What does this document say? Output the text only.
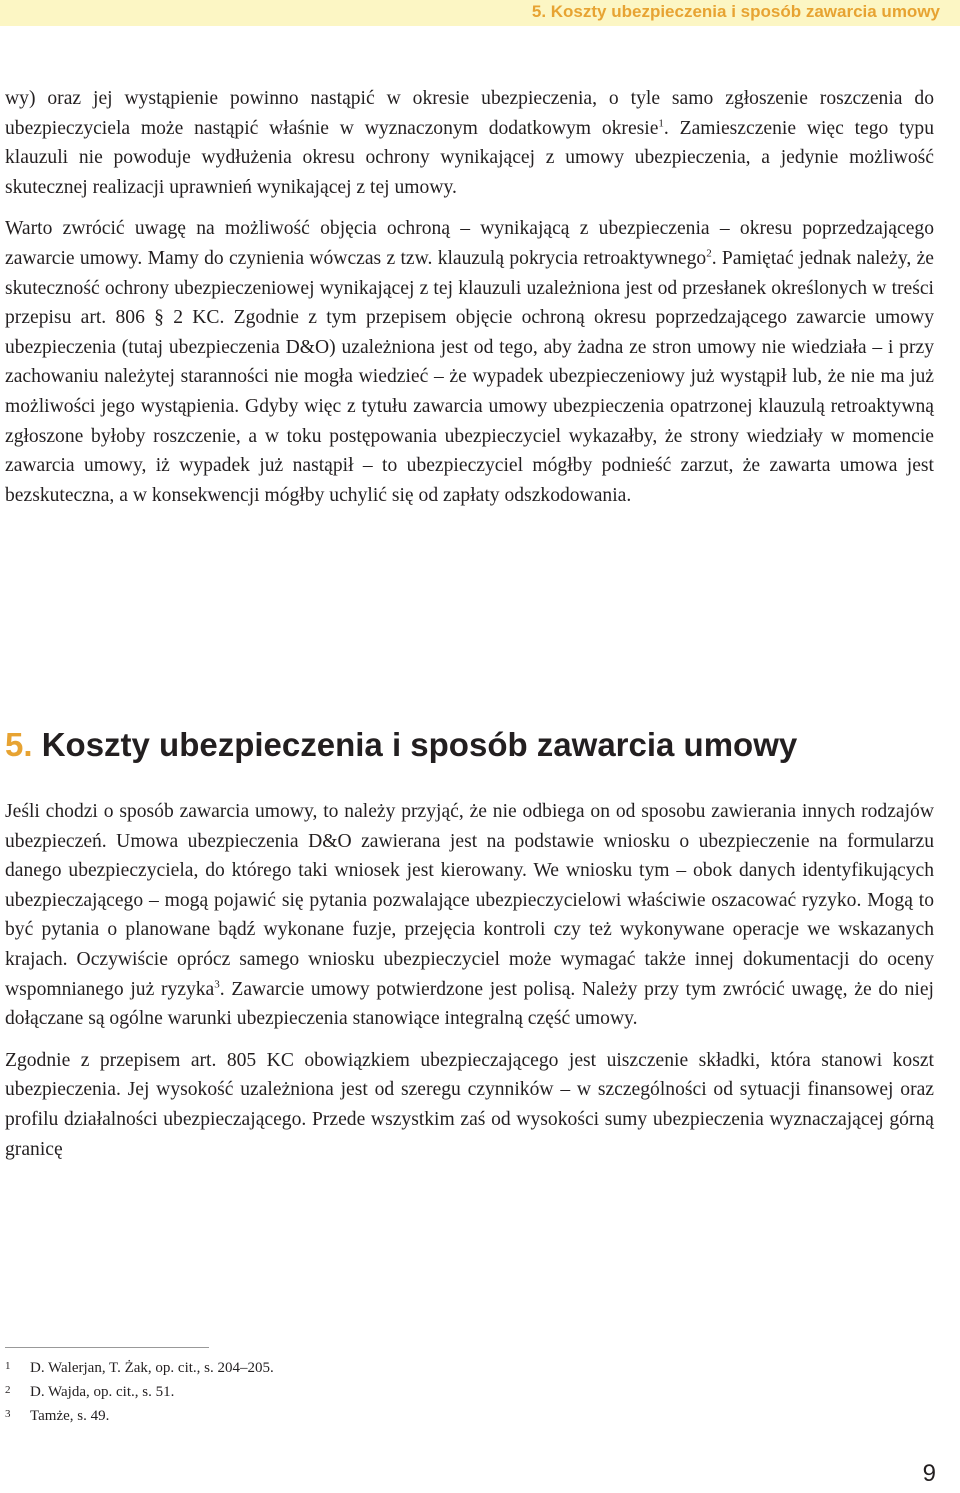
5. Koszty ubezpieczenia i sposób zawarcia umowy

wy) oraz jej wystąpienie powinno nastąpić w okresie ubezpieczenia, o tyle samo zgłoszenie roszczenia do ubezpieczyciela może nastąpić właśnie w wyznaczonym dodatkowym okresie$^1$. Zamieszczenie więc tego typu klauzuli nie powoduje wydłużenia okresu ochrony wynikającej z umowy ubezpieczenia, a jedynie możliwość skutecznej realizacji uprawnień wynikającej z tej umowy.

Warto zwrócić uwagę na możliwość objęcia ochroną – wynikającą z ubezpieczenia – okresu poprzedzającego zawarcie umowy. Mamy do czynienia wówczas z tzw. klauzulą pokrycia retroaktywnego$^2$. Pamiętać jednak należy, że skuteczność ochrony ubezpieczeniowej wynikającej z tej klauzuli uzależniona jest od przesłanek określonych w treści przepisu art. 806 § 2 KC. Zgodnie z tym przepisem objęcie ochroną okresu poprzedzającego zawarcie umowy ubezpieczenia (tutaj ubezpieczenia D&O) uzależniona jest od tego, aby żadna ze stron umowy nie wiedziała – i przy zachowaniu należytej staranności nie mogła wiedzieć – że wypadek ubezpieczeniowy już wystąpił lub, że nie ma już możliwości jego wystąpienia. Gdyby więc z tytułu zawarcia umowy ubezpieczenia opatrzonej klauzulą retroaktywną zgłoszone byłoby roszczenie, a w toku postępowania ubezpieczyciel wykazałby, że strony wiedziały w momencie zawarcia umowy, iż wypadek już nastąpił – to ubezpieczyciel mógłby podnieść zarzut, że zawarta umowa jest bezskuteczna, a w konsekwencji mógłby uchylić się od zapłaty odszkodowania.

5. Koszty ubezpieczenia i sposób zawarcia umowy

Jeśli chodzi o sposób zawarcia umowy, to należy przyjąć, że nie odbiega on od sposobu zawierania innych rodzajów ubezpieczeń. Umowa ubezpieczenia D&O zawierana jest na podstawie wniosku o ubezpieczenie na formularzu danego ubezpieczyciela, do którego taki wniosek jest kierowany. We wniosku tym – obok danych identyfikujących ubezpieczającego – mogą pojawić się pytania pozwalające ubezpieczycielowi właściwie oszacować ryzyko. Mogą to być pytania o planowane bądź wykonane fuzje, przejęcia kontroli czy też wykonywane operacje we wskazanych krajach. Oczywiście oprócz samego wniosku ubezpieczyciel może wymagać także innej dokumentacji do oceny wspomnianego już ryzyka$^3$. Zawarcie umowy potwierdzone jest polisą. Należy przy tym zwrócić uwagę, że do niej dołączane są ogólne warunki ubezpieczenia stanowiące integralną część umowy.

Zgodnie z przepisem art. 805 KC obowiązkiem ubezpieczającego jest uiszczenie składki, która stanowi koszt ubezpieczenia. Jej wysokość uzależniona jest od szeregu czynników – w szczególności od sytuacji finansowej oraz profilu działalności ubezpieczającego. Przede wszystkim zaś od wysokości sumy ubezpieczenia wyznaczającej górną granicę

1 D. Walerjan, T. Żak, op. cit., s. 204–205.

2 D. Wajda, op. cit., s. 51.

3 Tamże, s. 49.

9
